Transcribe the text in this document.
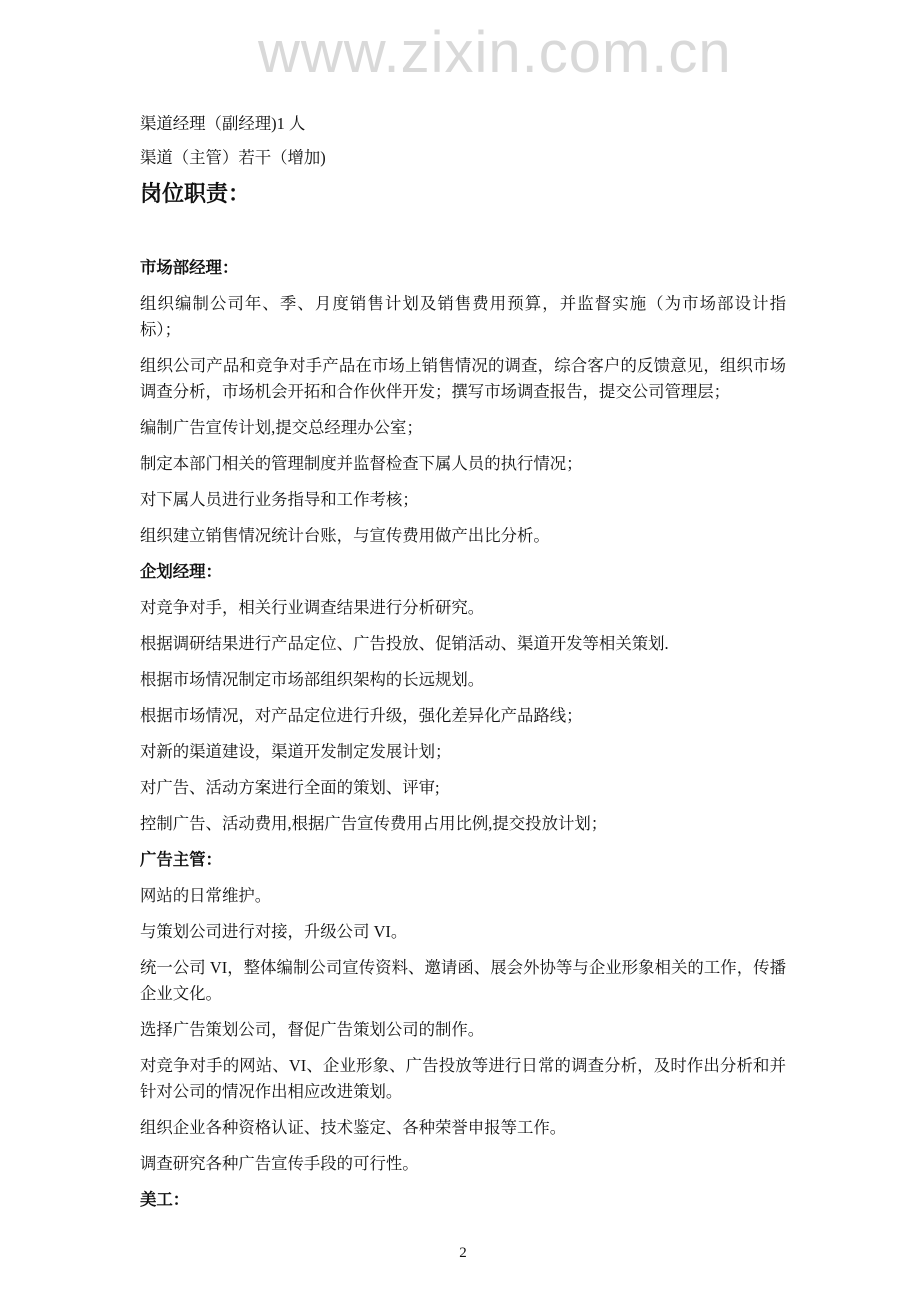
www.zixin.com.cn

渠道经理（副经理)1 人

渠道（主管）若干（增加)

岗位职责：

市场部经理：

组织编制公司年、季、月度销售计划及销售费用预算，并监督实施（为市场部设计指标）；

组织公司产品和竞争对手产品在市场上销售情况的调查，综合客户的反馈意见，组织市场调查分析，市场机会开拓和合作伙伴开发；撰写市场调查报告，提交公司管理层；

编制广告宣传计划,提交总经理办公室；

制定本部门相关的管理制度并监督检查下属人员的执行情况；

对下属人员进行业务指导和工作考核；

组织建立销售情况统计台账，与宣传费用做产出比分析。

企划经理：

对竞争对手，相关行业调查结果进行分析研究。

根据调研结果进行产品定位、广告投放、促销活动、渠道开发等相关策划.

根据市场情况制定市场部组织架构的长远规划。

根据市场情况，对产品定位进行升级，强化差异化产品路线；

对新的渠道建设，渠道开发制定发展计划；

对广告、活动方案进行全面的策划、评审;

控制广告、活动费用,根据广告宣传费用占用比例,提交投放计划；

广告主管：

网站的日常维护。

与策划公司进行对接，升级公司 VI。

统一公司 VI，整体编制公司宣传资料、邀请函、展会外协等与企业形象相关的工作，传播企业文化。

选择广告策划公司，督促广告策划公司的制作。

对竞争对手的网站、VI、企业形象、广告投放等进行日常的调查分析，及时作出分析和并针对公司的情况作出相应改进策划。

组织企业各种资格认证、技术鉴定、各种荣誉申报等工作。

调查研究各种广告宣传手段的可行性。

美工：

2
